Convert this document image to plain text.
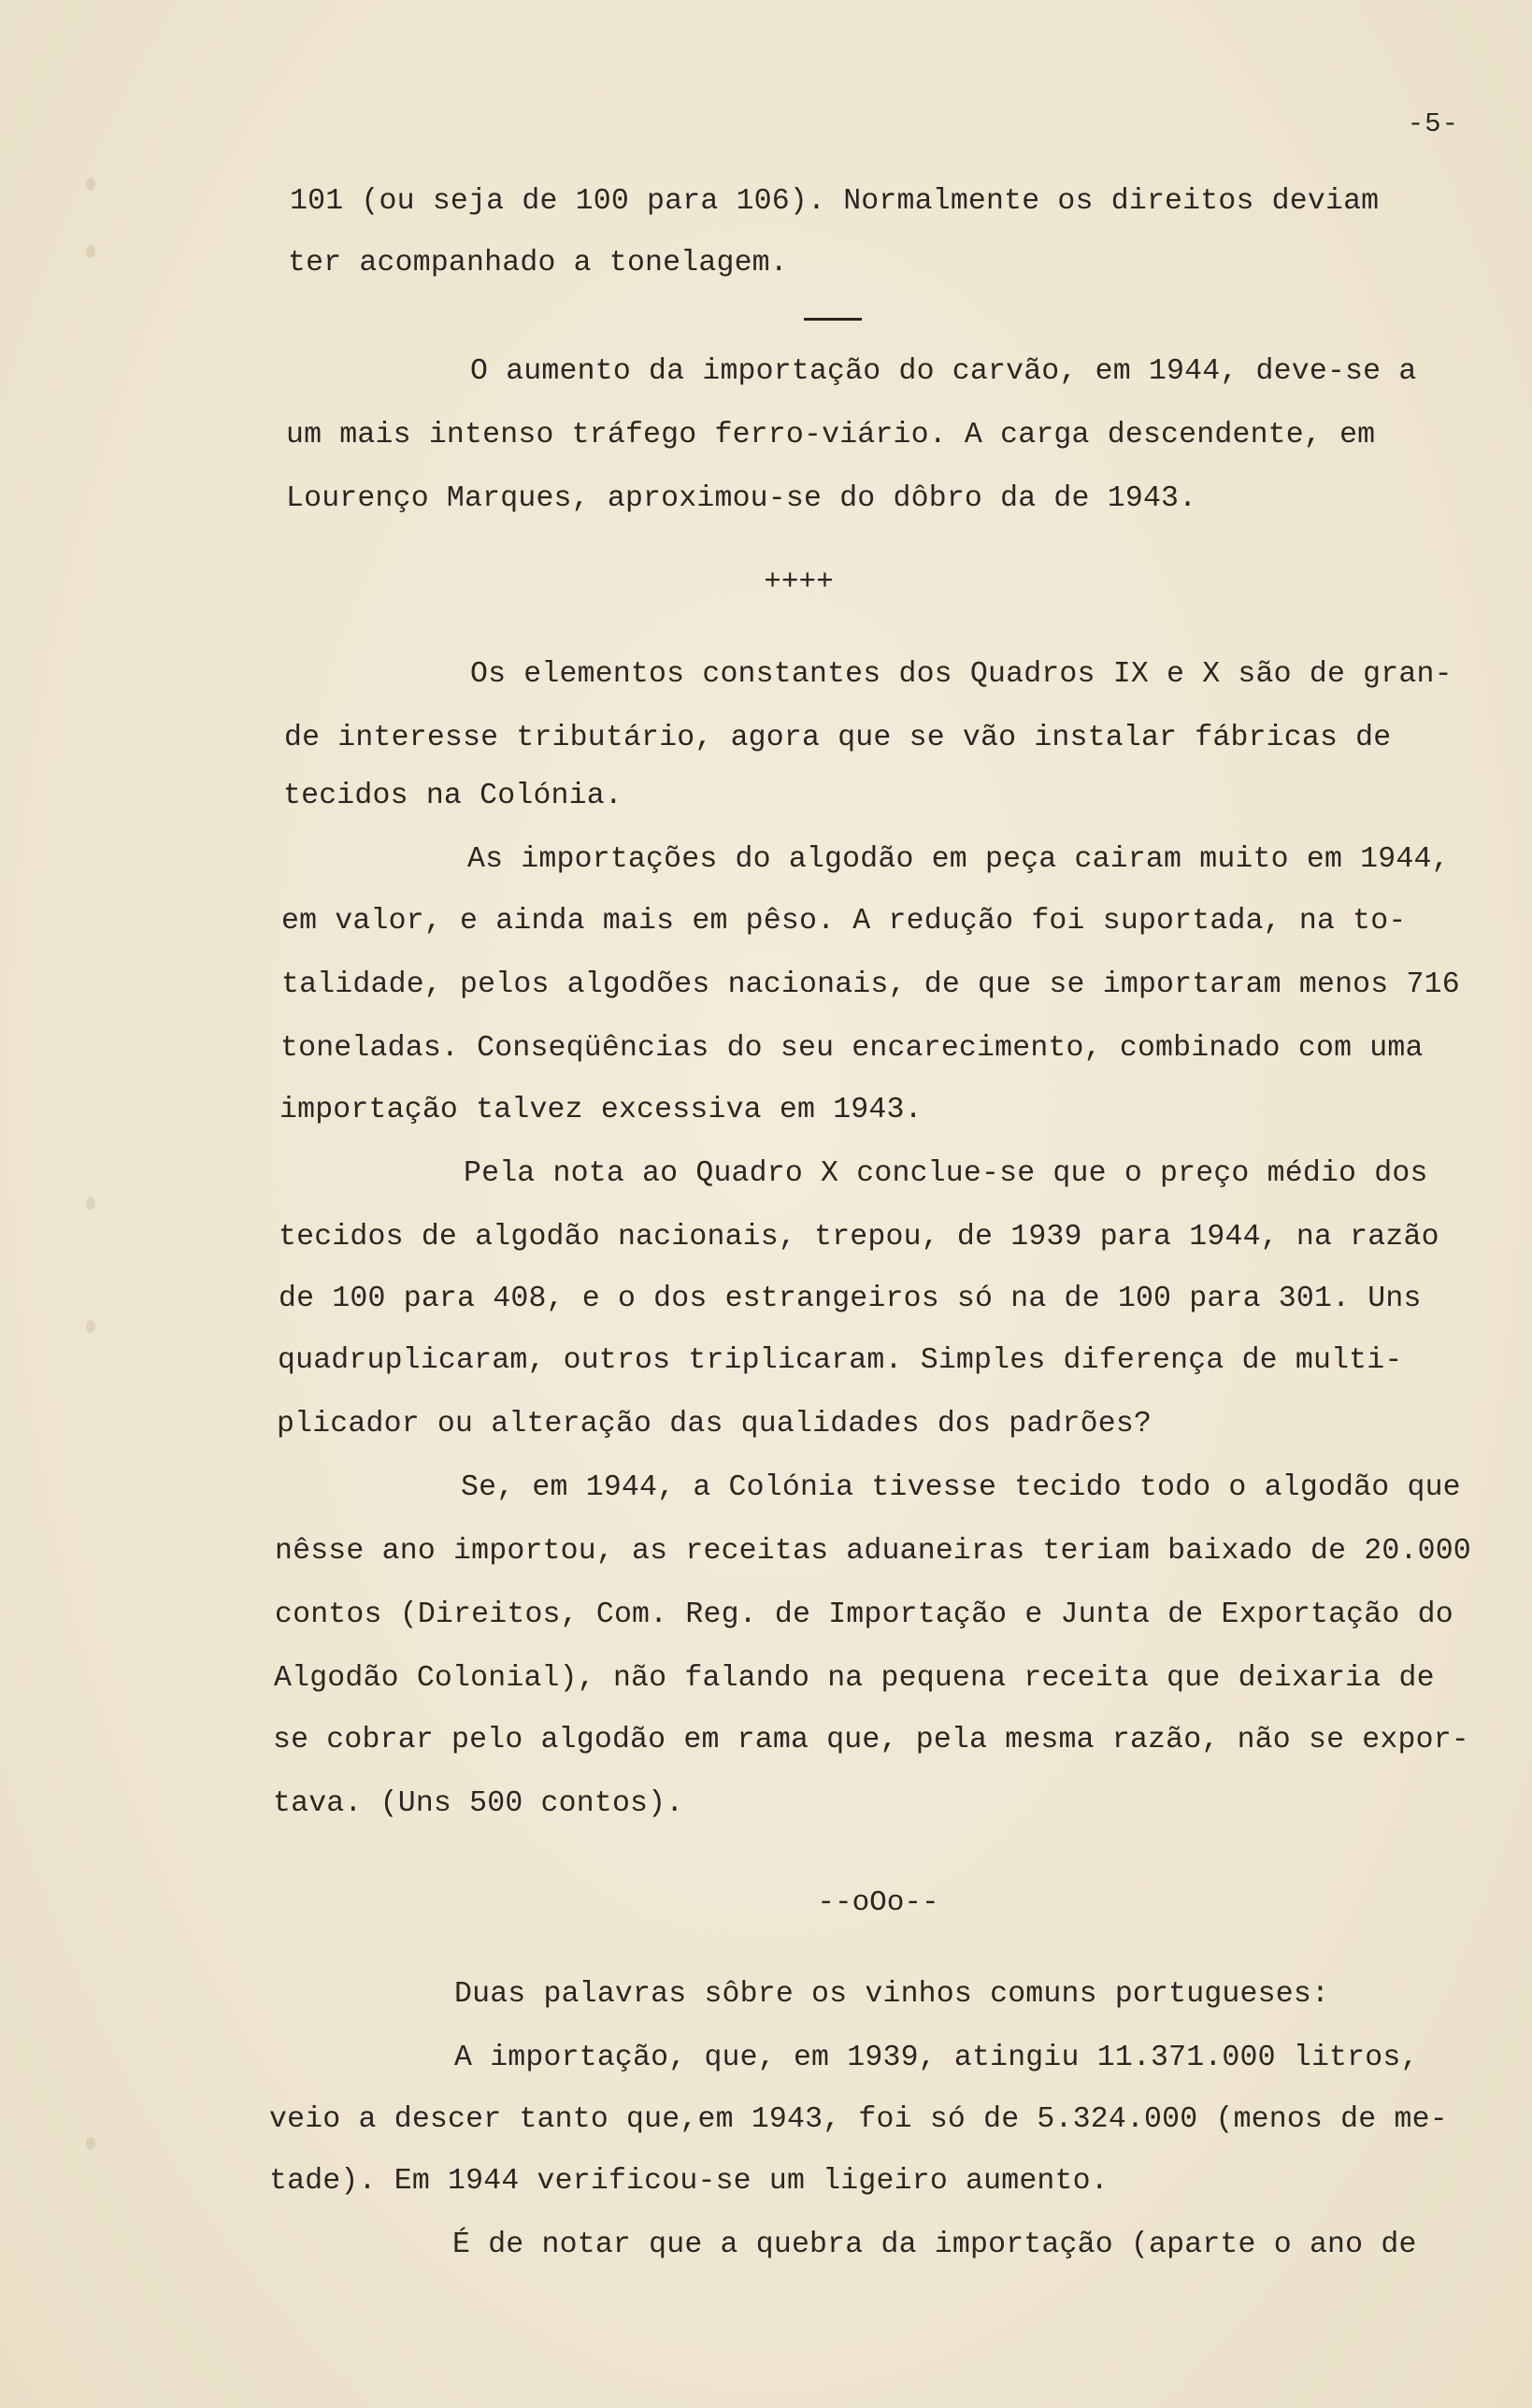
-5-
101 (ou seja de 100 para 106). Normalmente os direitos deviam
ter acompanhado a tonelagem.
O aumento da importação do carvão, em 1944, deve-se a
um mais intenso tráfego ferro-viário. A carga descendente, em
Lourenço Marques, aproximou-se do dôbro da de 1943.
++++
Os elementos constantes dos Quadros IX e X são de gran-
de interesse tributário, agora que se vão instalar fábricas de
tecidos na Colónia.
As importações do algodão em peça cairam muito em 1944,
em valor, e ainda mais em pêso. A redução foi suportada, na to-
talidade, pelos algodões nacionais, de que se importaram menos 716
toneladas. Conseqüências do seu encarecimento, combinado com uma
importação talvez excessiva em 1943.
Pela nota ao Quadro X conclue-se que o preço médio dos
tecidos de algodão nacionais, trepou, de 1939 para 1944, na razão
de 100 para 408, e o dos estrangeiros só na de 100 para 301. Uns
quadruplicaram, outros triplicaram. Simples diferença de multi-
plicador ou alteração das qualidades dos padrões?
Se, em 1944, a Colónia tivesse tecido todo o algodão que
nêsse ano importou, as receitas aduaneiras teriam baixado de 20.000
contos (Direitos, Com. Reg. de Importação e Junta de Exportação do
Algodão Colonial), não falando na pequena receita que deixaria de
se cobrar pelo algodão em rama que, pela mesma razão, não se expor-
tava. (Uns 500 contos).
--oOo--
Duas palavras sôbre os vinhos comuns portugueses:
A importação, que, em 1939, atingiu 11.371.000 litros,
veio a descer tanto que,em 1943, foi só de 5.324.000 (menos de me-
tade). Em 1944 verificou-se um ligeiro aumento.
É de notar que a quebra da importação (aparte o ano de
